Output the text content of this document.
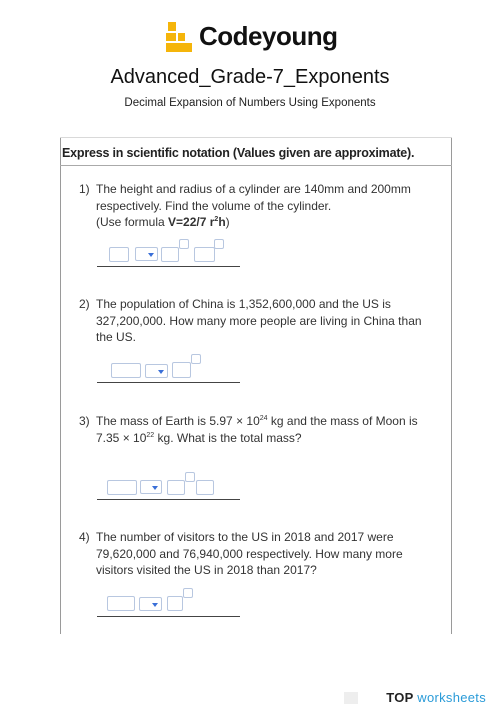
Codeyoung
Advanced_Grade-7_Exponents
Decimal Expansion of Numbers Using Exponents
Express in scientific notation (Values given are approximate).
1) The height and radius of a cylinder are 140mm and 200mm
respectively. Find the volume of the cylinder.
(Use formula V=22/7 $r^2h$)
2) The population of China is 1,352,600,000 and the US is
327,200,000. How many more people are living in China than
the US.
3) The mass of Earth is $5.97 \times 10^{24}$ kg and the mass of Moon is
$7.35 \times 10^{22}$ kg. What is the total mass?
4) The number of visitors to the US in 2018 and 2017 were
79,620,000 and 76,940,000 respectively. How many more
visitors visited the US in 2018 than 2017?
TOP worksheets
